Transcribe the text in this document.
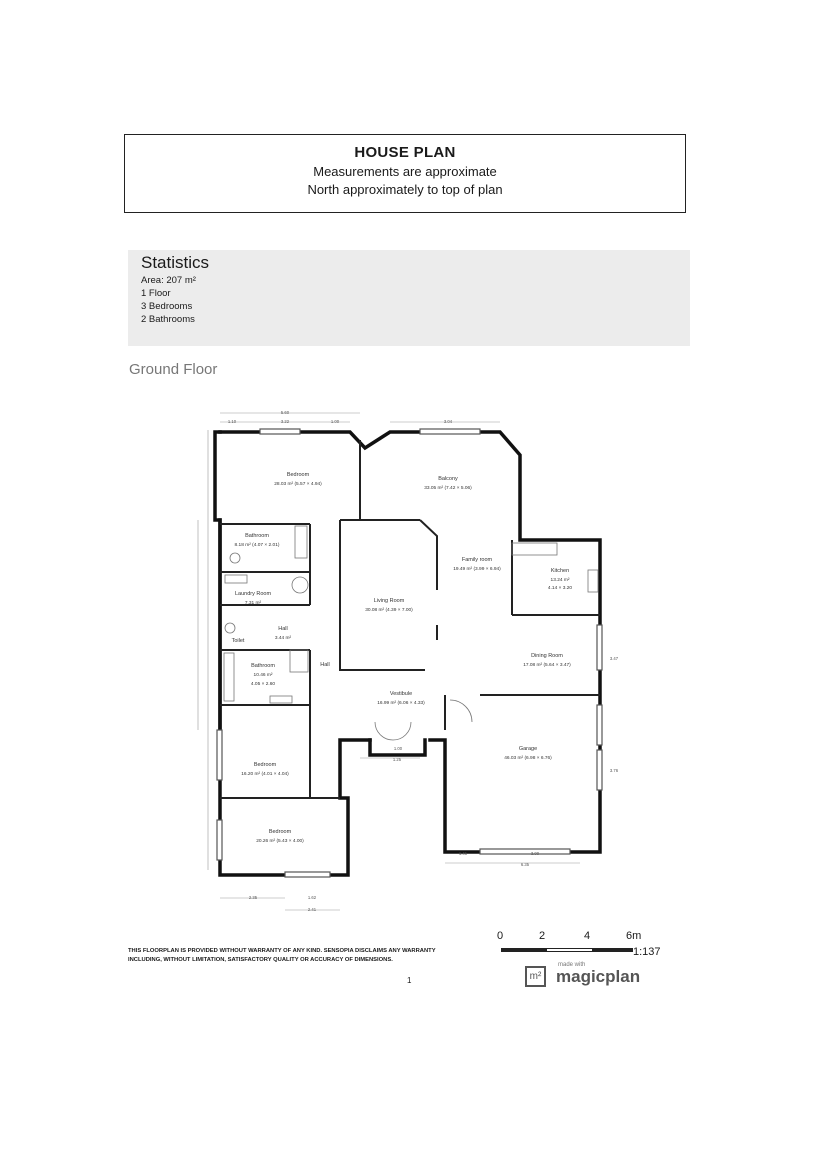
HOUSE PLAN
Measurements are approximate
North approximately to top of plan
Statistics
Area: 207 m²
1 Floor
3 Bedrooms
2 Bathrooms
Ground Floor
Bedroom
28.03 m² (5.57 × 4.94)
Balcony
33.05 m² (7.42 × 5.06)
Bathroom
8.18 m² (4.07 × 2.01)
Family room
19.49 m² (3.99 × 6.94)	Kitchen
13.24 m²
4.14 × 3.20
Laundry Room
7.31 m²	Living Room
30.08 m² (4.39 × 7.00)
Hall
3.44 m²
Toilet
Dining Room
17.08 m² (5.64 × 3.47)
Bathroom
10.46 m²
4.05 × 2.60
Hall
Vestibule
16.99 m² (6.06 × 4.33)
Garage
46.03 m² (6.98 × 6.76)
Bedroom
16.20 m² (4.01 × 4.04)
Bedroom
20.26 m² (5.43 × 4.00)
5.60
1.10	3.22	1.00	3.04
1.41	3.00
6.35
2.35	1.62
2.41
1.00
1.25
3.47
3.76
THIS FLOORPLAN IS PROVIDED WITHOUT WARRANTY OF ANY KIND. SENSOPIA DISCLAIMS ANY WARRANTY
INCLUDING, WITHOUT LIMITATION, SATISFACTORY QUALITY OR ACCURACY OF DIMENSIONS.
1
0	2	4	6m
1:137
m²
made with
magicplan
